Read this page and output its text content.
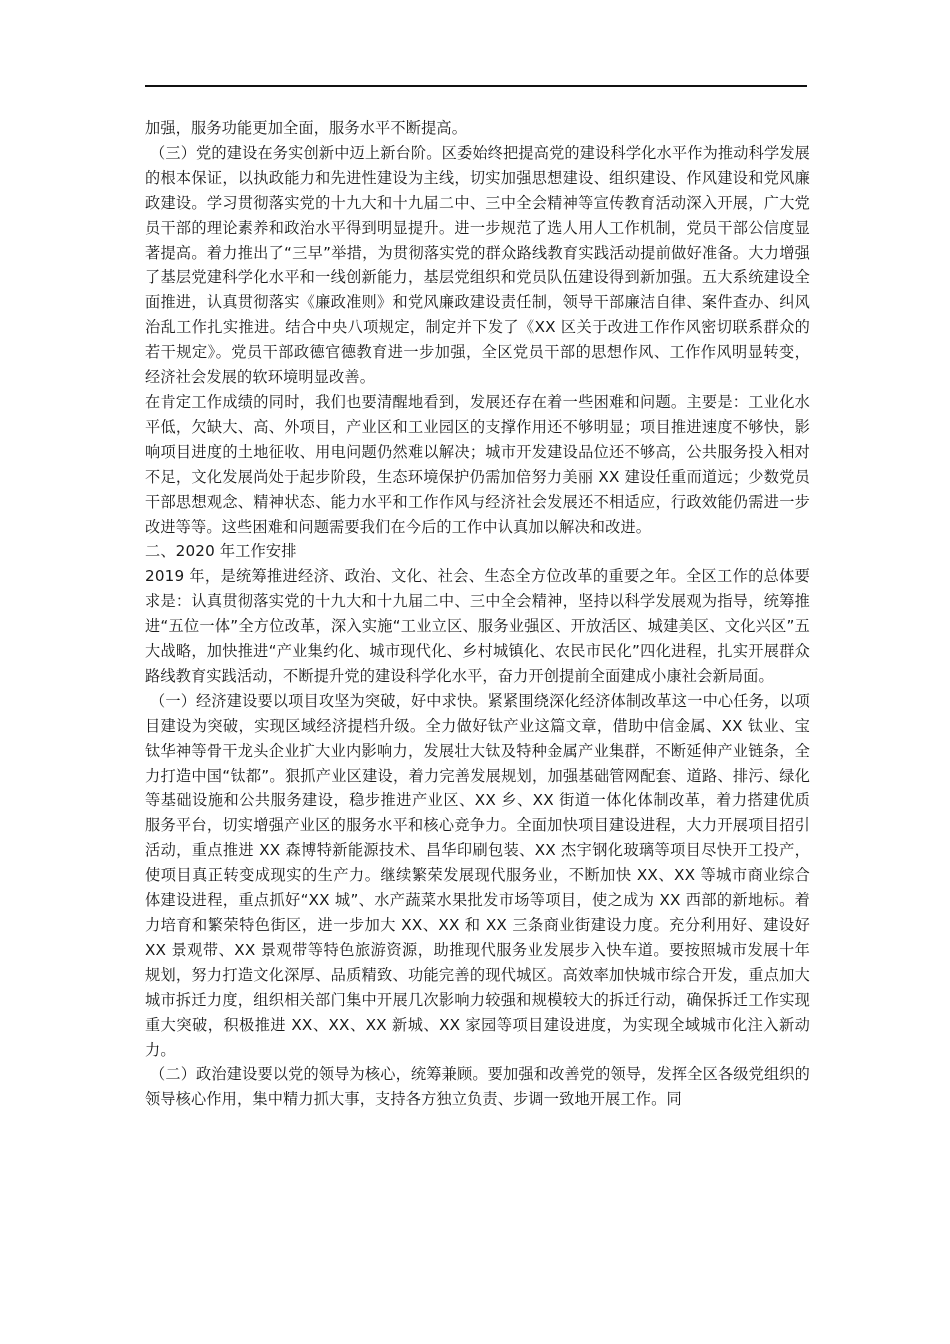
加强，服务功能更加全面，服务水平不断提高。

（三）党的建设在务实创新中迈上新台阶。区委始终把提高党的建设科学化水平作为推动科学发展的根本保证，以执政能力和先进性建设为主线，切实加强思想建设、组织建设、作风建设和党风廉政建设。学习贯彻落实党的十九大和十九届二中、三中全会精神等宣传教育活动深入开展，广大党员干部的理论素养和政治水平得到明显提升。进一步规范了选人用人工作机制，党员干部公信度显著提高。着力推出了“三早”举措，为贯彻落实党的群众路线教育实践活动提前做好准备。大力增强了基层党建科学化水平和一线创新能力，基层党组织和党员队伍建设得到新加强。五大系统建设全面推进，认真贯彻落实《廉政准则》和党风廉政建设责任制，领导干部廉洁自律、案件查办、纠风治乱工作扎实推进。结合中央八项规定，制定并下发了《XX 区关于改进工作作风密切联系群众的若干规定》。党员干部政德官德教育进一步加强，全区党员干部的思想作风、工作作风明显转变，经济社会发展的软环境明显改善。

在肯定工作成绩的同时，我们也要清醒地看到，发展还存在着一些困难和问题。主要是：工业化水平低，欠缺大、高、外项目，产业区和工业园区的支撑作用还不够明显；项目推进速度不够快，影响项目进度的土地征收、用电问题仍然难以解决；城市开发建设品位还不够高，公共服务投入相对不足，文化发展尚处于起步阶段，生态环境保护仍需加倍努力美丽 XX 建设任重而道远；少数党员干部思想观念、精神状态、能力水平和工作作风与经济社会发展还不相适应，行政效能仍需进一步改进等等。这些困难和问题需要我们在今后的工作中认真加以解决和改进。

二、2020 年工作安排

2019 年，是统筹推进经济、政治、文化、社会、生态全方位改革的重要之年。全区工作的总体要求是：认真贯彻落实党的十九大和十九届二中、三中全会精神，坚持以科学发展观为指导，统筹推进“五位一体”全方位改革，深入实施“工业立区、服务业强区、开放活区、城建美区、文化兴区”五大战略，加快推进“产业集约化、城市现代化、乡村城镇化、农民市民化”四化进程，扎实开展群众路线教育实践活动，不断提升党的建设科学化水平，奋力开创提前全面建成小康社会新局面。

（一）经济建设要以项目攻坚为突破，好中求快。紧紧围绕深化经济体制改革这一中心任务，以项目建设为突破，实现区域经济提档升级。全力做好钛产业这篇文章，借助中信金属、XX 钛业、宝钛华神等骨干龙头企业扩大业内影响力，发展壮大钛及特种金属产业集群，不断延伸产业链条，全力打造中国“钛都”。狠抓产业区建设，着力完善发展规划，加强基础管网配套、道路、排污、绿化等基础设施和公共服务建设，稳步推进产业区、XX 乡、XX 街道一体化体制改革，着力搭建优质服务平台，切实增强产业区的服务水平和核心竞争力。全面加快项目建设进程，大力开展项目招引活动，重点推进 XX 森博特新能源技术、昌华印刷包装、XX 杰宇钢化玻璃等项目尽快开工投产，使项目真正转变成现实的生产力。继续繁荣发展现代服务业，不断加快 XX、XX 等城市商业综合体建设进程，重点抓好“XX 城”、水产蔬菜水果批发市场等项目，使之成为 XX 西部的新地标。着力培育和繁荣特色街区，进一步加大 XX、XX 和 XX 三条商业街建设力度。充分利用好、建设好 XX 景观带、XX 景观带等特色旅游资源，助推现代服务业发展步入快车道。要按照城市发展十年规划，努力打造文化深厚、品质精致、功能完善的现代城区。高效率加快城市综合开发，重点加大城市拆迁力度，组织相关部门集中开展几次影响力较强和规模较大的拆迁行动，确保拆迁工作实现重大突破，积极推进 XX、XX、XX 新城、XX 家园等项目建设进度，为实现全域城市化注入新动力。

（二）政治建设要以党的领导为核心，统筹兼顾。要加强和改善党的领导，发挥全区各级党组织的领导核心作用，集中精力抓大事，支持各方独立负责、步调一致地开展工作。同
